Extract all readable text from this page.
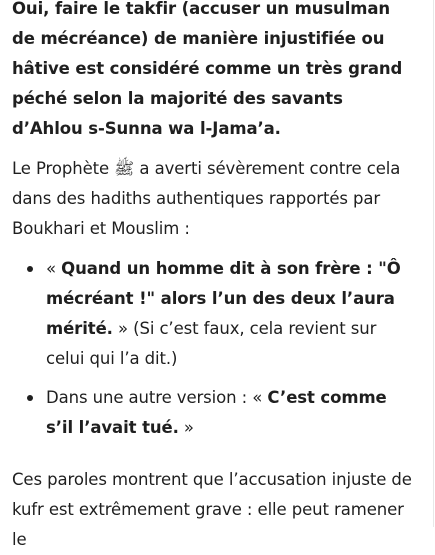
Oui, faire le takfir (accuser un musulman de mécréance) de manière injustifiée ou hâtive est considéré comme un très grand péché selon la majorité des savants d’Ahlou s-Sunna wa l-Jama’a.

Le Prophète ﷺ a averti sévèrement contre cela dans des hadiths authentiques rapportés par Boukhari et Mouslim :

« Quand un homme dit à son frère : "Ô mécréant !" alors l’un des deux l’aura mérité. » (Si c’est faux, cela revient sur celui qui l’a dit.)
Dans une autre version : « C’est comme s’il l’avait tué. »

Ces paroles montrent que l’accusation injuste de kufr est extrêmement grave : elle peut ramener le
